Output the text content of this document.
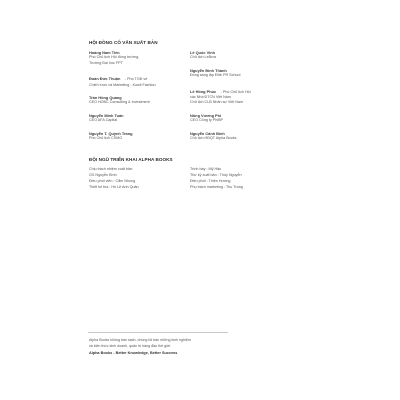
HỘI ĐỒNG CỐ VẤN XUẤT BẢN
Hoàng Nam Tiến
Phó Chủ tịch Hội đồng trường,
Trường Đại học FPT
Đoàn Đức Thuận - Phó TGĐ về
Chiến lược và Marketing - Kowil Fashion
Trần Hồng Quang
CEO HOBC Consulting & Investment
Nguyễn Minh Tuấn
CEO AFA Capital
Nguyễn T. Quỳnh Trang
Phó Chủ tịch CSMO
Lê Quốc Vinh
Chủ tịch LeBros
Nguyễn Đình Thành
Đồng sáng lập Elite PR School
Lê Hồng Phúc - Phó Chủ tịch Hội
các Nhà ĐTCN Việt Nam
Chủ tịch CLB Nhân sự Việt Nam
Nông Vương Phi
CEO Công ty PhiBP
Nguyễn Cảnh Bình
Chủ tịch HĐQT Alpha Books
ĐỘI NGŨ TRIỂN KHAI ALPHA BOOKS
Chịu trách nhiệm xuất bản:
GS Nguyễn Bình
Điều phối viên : Cẩm Nhung
Thiết kế bìa : Hồ Lê Anh Quân
Trình bày : Mỹ Hậu
Thư ký xuất bản : Thúy Nguyễn
Điều phối : Thiện Hương
Phụ trách marketing : Thu Trang
Alpha Books không bán sách, chúng tôi bán những kinh nghiệm
và kiến thức kinh doanh, quản trị hàng đầu thế giới.
Alpha Books - Better Knowledge, Better Success
